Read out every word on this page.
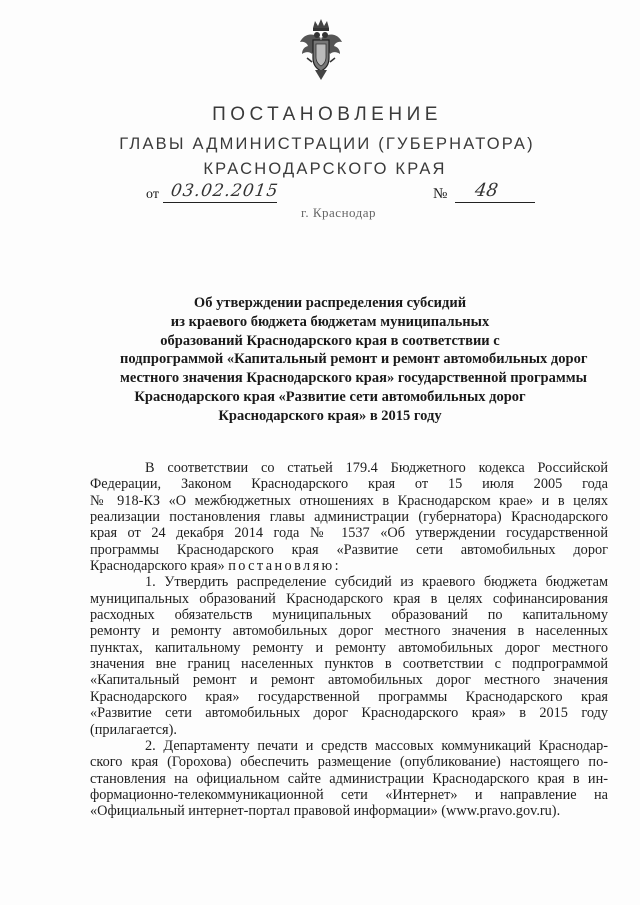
ПОСТАНОВЛЕНИЕ
ГЛАВЫ АДМИНИСТРАЦИИ (ГУБЕРНАТОРА)
КРАСНОДАРСКОГО КРАЯ
от 03.02.2015	№ 48
г. Краснодар
Об утверждении распределения субсидий
из краевого бюджета бюджетам муниципальных
образований Краснодарского края в соответствии с
подпрограммой «Капитальный ремонт и ремонт автомобильных дорог
местного значения Краснодарского края» государственной программы
Краснодарского края «Развитие сети автомобильных дорог
Краснодарского края» в 2015 году
В соответствии со статьей 179.4 Бюджетного кодекса Российской
Федерации, Законом Краснодарского края от 15 июля 2005 года
№ 918-КЗ «О межбюджетных отношениях в Краснодарском крае» и в целях
реализации постановления главы администрации (губернатора) Краснодарского
края от 24 декабря 2014 года № 1537 «Об утверждении государственной
программы Краснодарского края «Развитие сети автомобильных дорог
Краснодарского края» постановляю:
1. Утвердить распределение субсидий из краевого бюджета бюджетам
муниципальных образований Краснодарского края в целях софинансирования
расходных обязательств муниципальных образований по капитальному
ремонту и ремонту автомобильных дорог местного значения в населенных
пунктах, капитальному ремонту и ремонту автомобильных дорог местного
значения вне границ населенных пунктов в соответствии с подпрограммой
«Капитальный ремонт и ремонт автомобильных дорог местного значения
Краснодарского края» государственной программы Краснодарского края
«Развитие сети автомобильных дорог Краснодарского края» в 2015 году
(прилагается).
2. Департаменту печати и средств массовых коммуникаций Краснодар-
ского края (Горохова) обеспечить размещение (опубликование) настоящего по-
становления на официальном сайте администрации Краснодарского края в ин-
формационно-телекоммуникационной сети «Интернет» и направление на
«Официальный интернет-портал правовой информации» (www.pravo.gov.ru).
